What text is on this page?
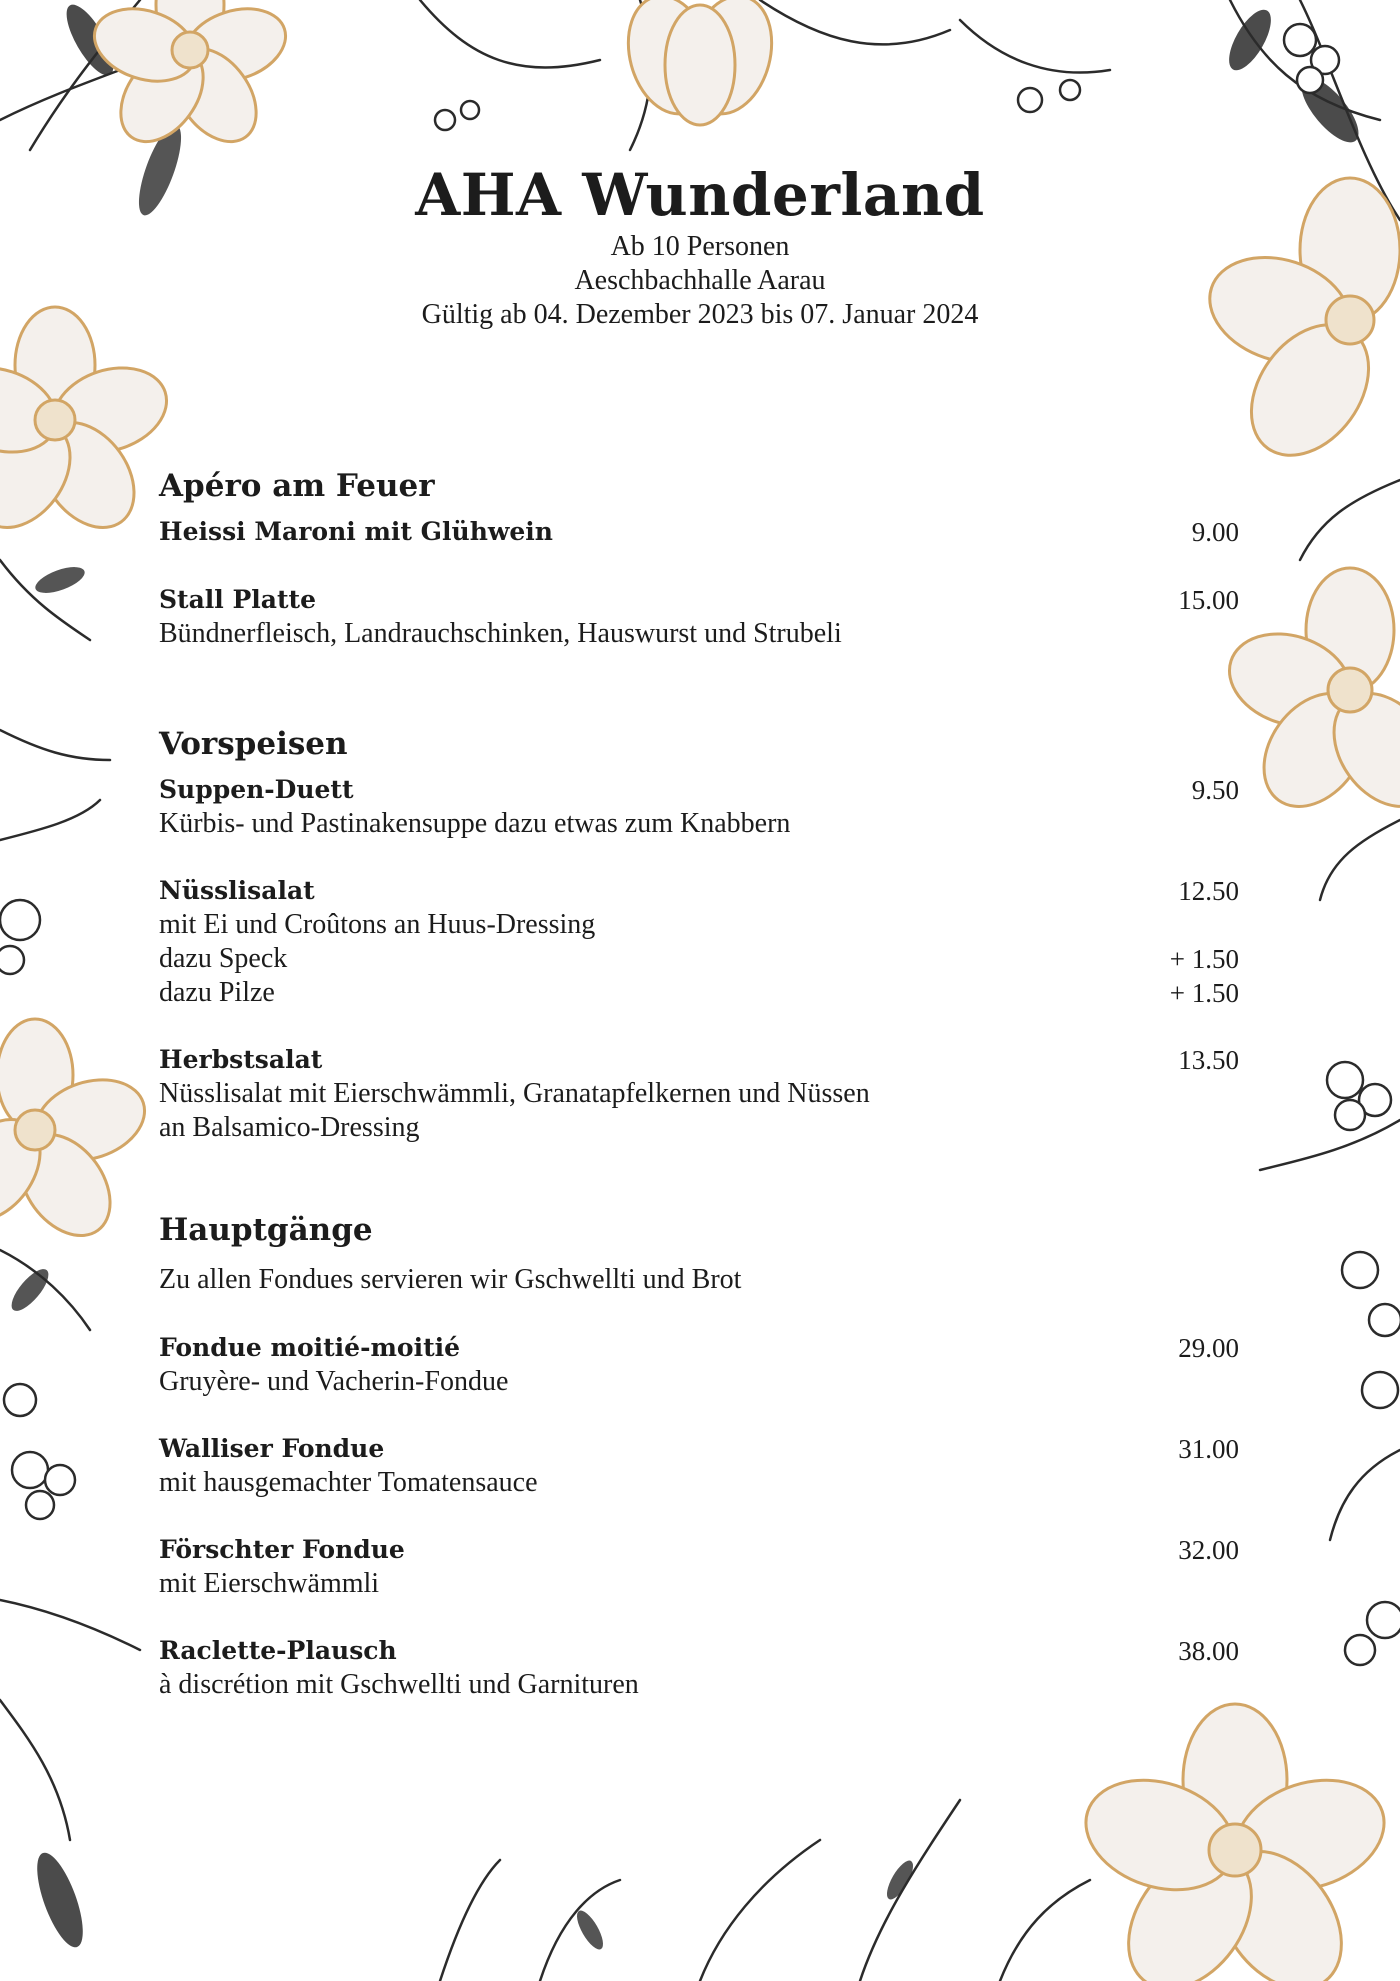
AHA Wunderland
Ab 10 Personen
Aeschbachhalle Aarau
Gültig ab 04. Dezember 2023 bis 07. Januar 2024
Apéro am Feuer
9.00
Heissi Maroni mit Glühwein
15.00
Stall Platte
Bündnerfleisch, Landrauchschinken, Hauswurst und Strubeli
Vorspeisen
9.50
Suppen-Duett
Kürbis- und Pastinakensuppe dazu etwas zum Knabbern
12.50
Nüsslisalat
mit Ei und Croûtons an Huus-Dressing
+ 1.50
dazu Speck
+ 1.50
dazu Pilze
13.50
Herbstsalat
Nüsslisalat mit Eierschwämmli, Granatapfelkernen und Nüssen
an Balsamico-Dressing
Hauptgänge
Zu allen Fondues servieren wir Gschwellti und Brot
29.00
Fondue moitié-moitié
Gruyère- und Vacherin-Fondue
31.00
Walliser Fondue
mit hausgemachter Tomatensauce
32.00
Förschter Fondue
mit Eierschwämmli
38.00
Raclette-Plausch
à discrétion mit Gschwellti und Garnituren
